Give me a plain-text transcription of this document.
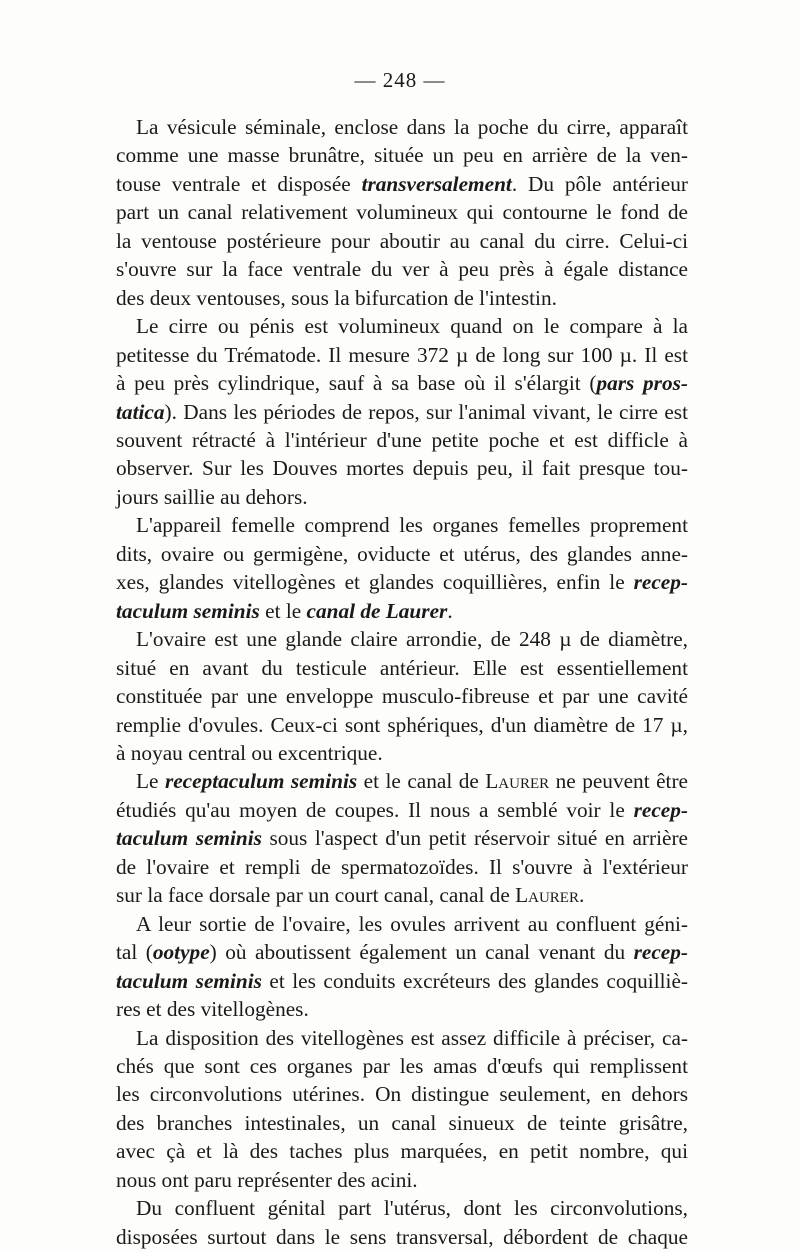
— 248 —

La vésicule séminale, enclose dans la poche du cirre, apparaît
comme une masse brunâtre, située un peu en arrière de la ven-
touse ventrale et disposée transversalement. Du pôle antérieur
part un canal relativement volumineux qui contourne le fond de
la ventouse postérieure pour aboutir au canal du cirre. Celui-ci
s'ouvre sur la face ventrale du ver à peu près à égale distance
des deux ventouses, sous la bifurcation de l'intestin.

Le cirre ou pénis est volumineux quand on le compare à la
petitesse du Trématode. Il mesure 372 µ de long sur 100 µ. Il est
à peu près cylindrique, sauf à sa base où il s'élargit (pars pros-
tatica). Dans les périodes de repos, sur l'animal vivant, le cirre est
souvent rétracté à l'intérieur d'une petite poche et est difficle à
observer. Sur les Douves mortes depuis peu, il fait presque tou-
jours saillie au dehors.

L'appareil femelle comprend les organes femelles proprement
dits, ovaire ou germigène, oviducte et utérus, des glandes anne-
xes, glandes vitellogènes et glandes coquillières, enfin le recep-
taculum seminis et le canal de Laurer.

L'ovaire est une glande claire arrondie, de 248 µ de diamètre,
situé en avant du testicule antérieur. Elle est essentiellement
constituée par une enveloppe musculo-fibreuse et par une cavité
remplie d'ovules. Ceux-ci sont sphériques, d'un diamètre de 17 µ,
à noyau central ou excentrique.

Le receptaculum seminis et le canal de Laurer ne peuvent être
étudiés qu'au moyen de coupes. Il nous a semblé voir le recep-
taculum seminis sous l'aspect d'un petit réservoir situé en arrière
de l'ovaire et rempli de spermatozoïdes. Il s'ouvre à l'extérieur
sur la face dorsale par un court canal, canal de Laurer.

A leur sortie de l'ovaire, les ovules arrivent au confluent géni-
tal (ootype) où aboutissent également un canal venant du recep-
taculum seminis et les conduits excréteurs des glandes coquilliè-
res et des vitellogènes.

La disposition des vitellogènes est assez difficile à préciser, ca-
chés que sont ces organes par les amas d'œufs qui remplissent
les circonvolutions utérines. On distingue seulement, en dehors
des branches intestinales, un canal sinueux de teinte grisâtre,
avec çà et là des taches plus marquées, en petit nombre, qui
nous ont paru représenter des acini.

Du confluent génital part l'utérus, dont les circonvolutions,
disposées surtout dans le sens transversal, débordent de chaque
